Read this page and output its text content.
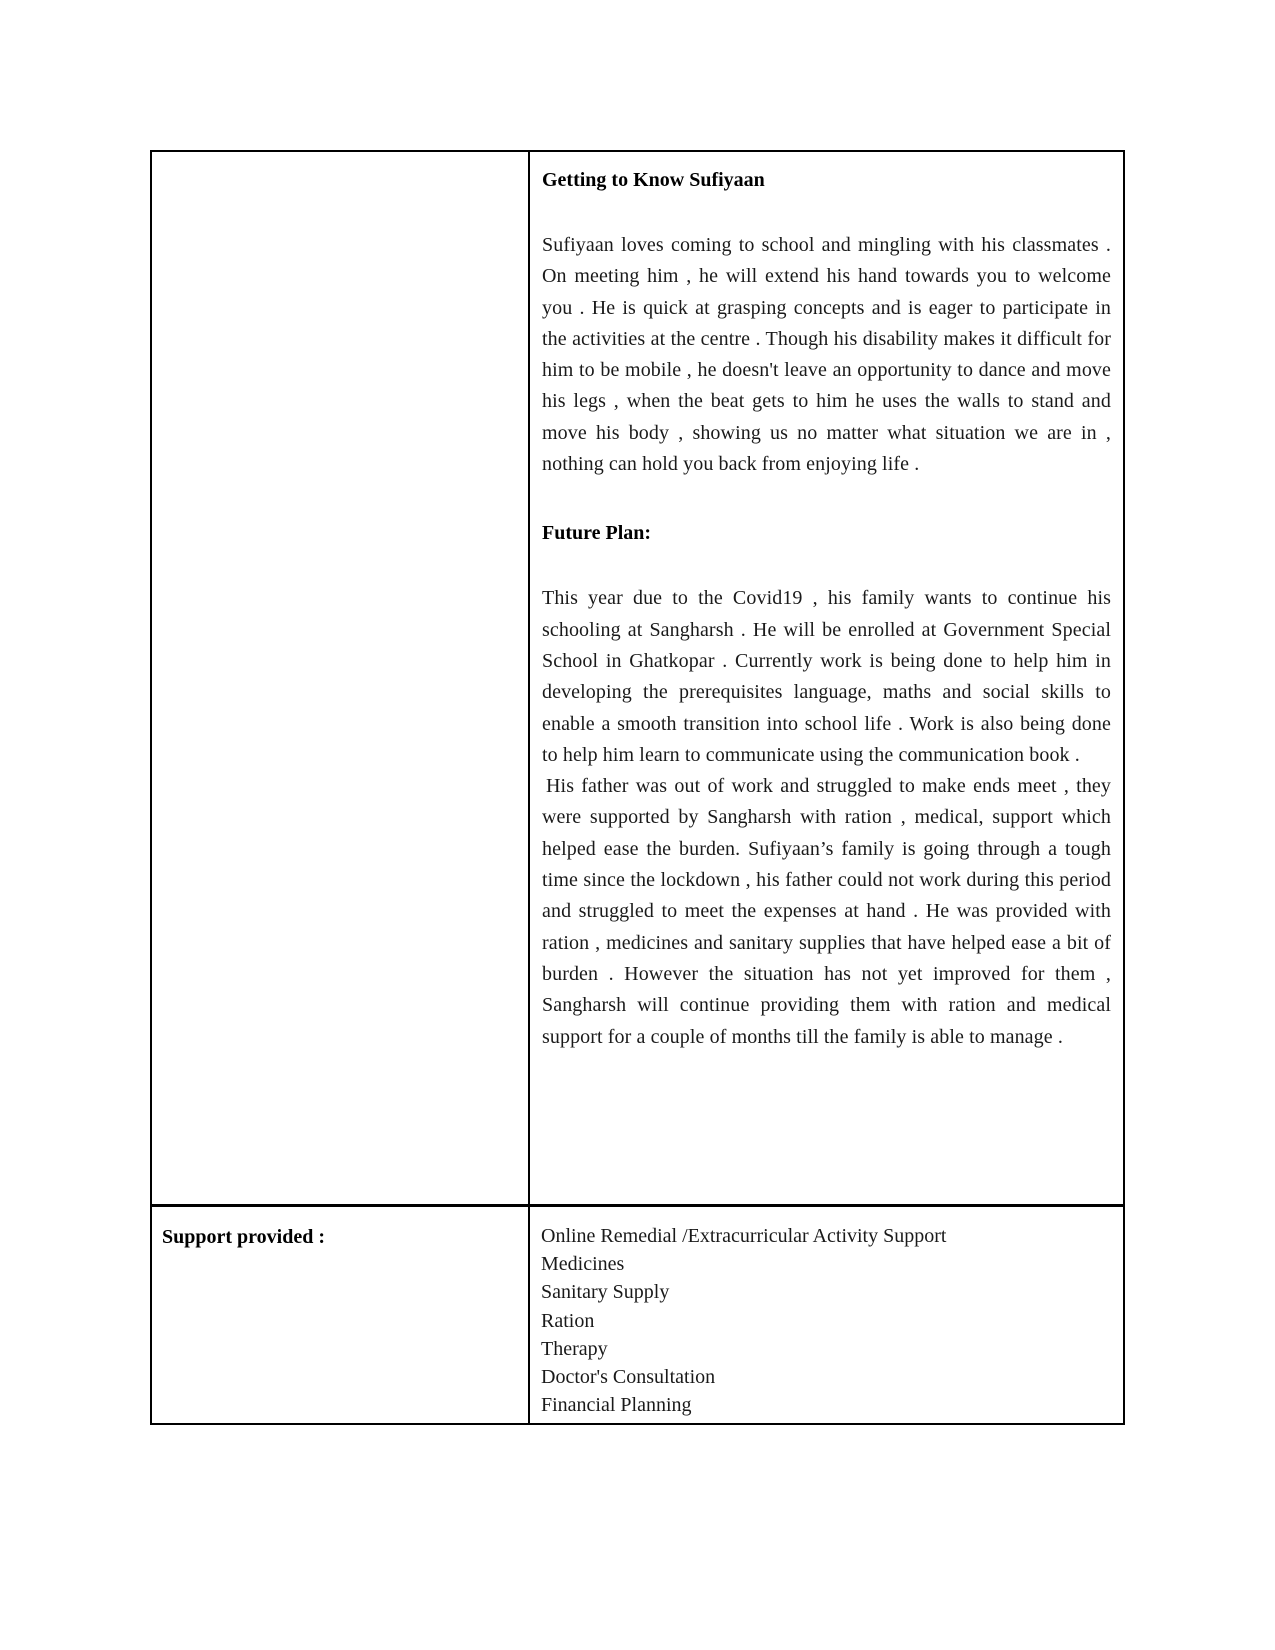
Getting to Know Sufiyaan

Sufiyaan loves coming to school and mingling with his classmates . On meeting him , he will extend his hand towards you to welcome you . He is quick at grasping concepts and is eager to participate in the activities at the centre . Though his disability makes it difficult for him to be mobile , he doesn't leave an opportunity to dance and move his legs , when the beat gets to him he uses the walls to stand and move his body , showing us no matter what situation we are in , nothing can hold you back from enjoying life .

Future Plan:

This year due to the Covid19 , his family wants to continue his schooling at Sangharsh . He will be enrolled at Government Special School in Ghatkopar . Currently work is being done to help him in developing the prerequisites language, maths and social skills to enable a smooth transition into school life . Work is also being done to help him learn to communicate using the communication book .

His father was out of work and struggled to make ends meet , they were supported by Sangharsh with ration , medical, support which helped ease the burden. Sufiyaan’s family is going through a tough time since the lockdown , his father could not work during this period and struggled to meet the expenses at hand . He was provided with ration , medicines and sanitary supplies that have helped ease a bit of burden . However the situation has not yet improved for them , Sangharsh will continue providing them with ration and medical support for a couple of months till the family is able to manage .

Support provided :	Online Remedial /Extracurricular Activity Support
Medicines
Sanitary Supply
Ration
Therapy
Doctor's Consultation
Financial Planning
